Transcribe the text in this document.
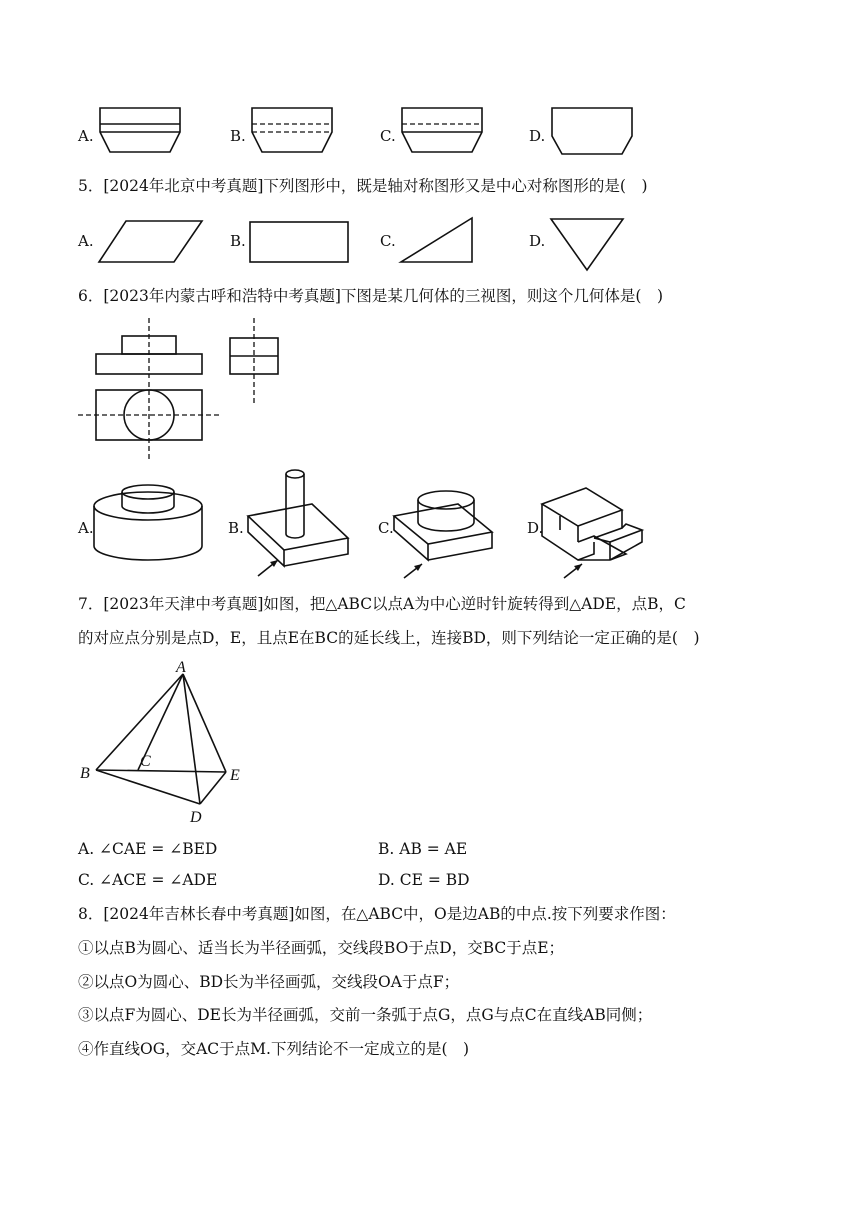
A.	B.	C.	D.
5．[2024年北京中考真题]下列图形中，既是轴对称图形又是中心对称图形的是(　)
A.	B.	C.	D.
6．[2023年内蒙古呼和浩特中考真题]下图是某几何体的三视图，则这个几何体是(　)
A.	B.	C.	D.
7．[2023年天津中考真题]如图，把△ABC以点A为中心逆时针旋转得到△ADE，点B，C
的对应点分别是点D，E，且点E在BC的延长线上，连接BD，则下列结论一定正确的是(　)
A
B
C
D
E
A. ∠CAE = ∠BED	B. AB = AE
C. ∠ACE = ∠ADE	D. CE = BD
8．[2024年吉林长春中考真题]如图，在△ABC中，O是边AB的中点.按下列要求作图：
①以点B为圆心、适当长为半径画弧，交线段BO于点D，交BC于点E；
②以点O为圆心、BD长为半径画弧，交线段OA于点F；
③以点F为圆心、DE长为半径画弧，交前一条弧于点G，点G与点C在直线AB同侧；
④作直线OG，交AC于点M.下列结论不一定成立的是(　)
